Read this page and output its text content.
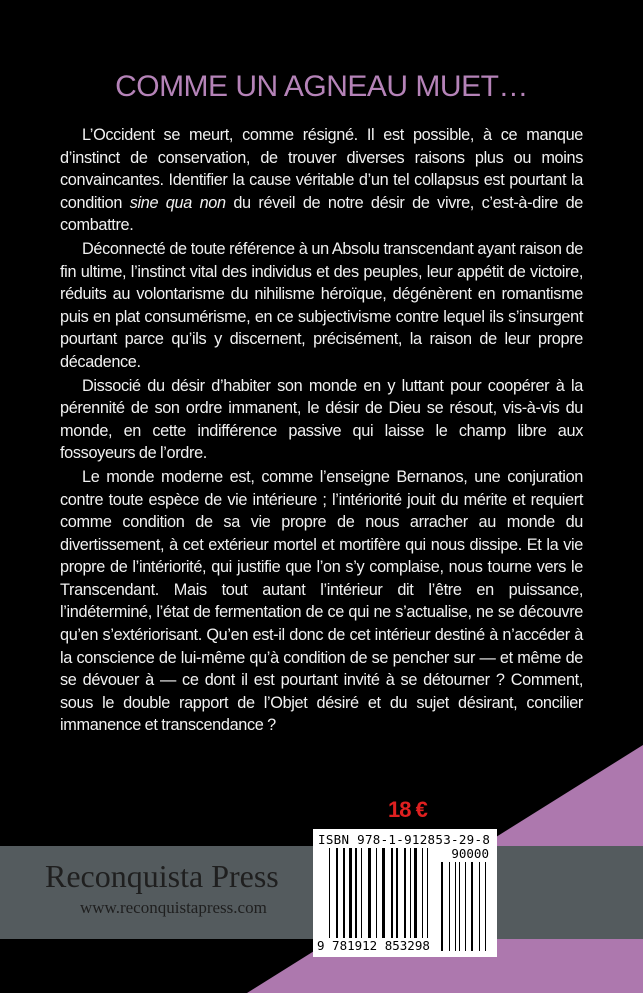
COMME UN AGNEAU MUET…

L’Occident se meurt, comme résigné. Il est possible, à ce manque d’instinct de conservation, de trouver diverses raisons plus ou moins convaincantes. Identifier la cause véritable d’un tel collapsus est pourtant la condition sine qua non du réveil de notre désir de vivre, c’est-à-dire de combattre.

Déconnecté de toute référence à un Absolu transcendant ayant raison de fin ultime, l’instinct vital des individus et des peuples, leur appétit de victoire, réduits au volontarisme du nihilisme héroïque, dégénèrent en romantisme puis en plat consumérisme, en ce subjectivisme contre lequel ils s’insurgent pourtant parce qu’ils y discernent, précisément, la raison de leur propre décadence.

Dissocié du désir d’habiter son monde en y luttant pour coopérer à la pérennité de son ordre immanent, le désir de Dieu se résout, vis-à-vis du monde, en cette indifférence passive qui laisse le champ libre aux fossoyeurs de l’ordre.

Le monde moderne est, comme l’enseigne Bernanos, une conjuration contre toute espèce de vie intérieure ; l’intériorité jouit du mérite et requiert comme condition de sa vie propre de nous arracher au monde du divertissement, à cet extérieur mortel et mortifère qui nous dissipe. Et la vie propre de l’intériorité, qui justifie que l’on s’y complaise, nous tourne vers le Transcendant. Mais tout autant l’intérieur dit l’être en puissance, l’indéterminé, l’état de fermentation de ce qui ne s’actualise, ne se découvre qu’en s’extériorisant. Qu’en est-il donc de cet intérieur destiné à n’accéder à la conscience de lui-même qu’à condition de se pencher sur — et même de se dévouer à — ce dont il est pourtant invité à se détourner ? Comment, sous le double rapport de l’Objet désiré et du sujet désirant, concilier immanence et transcendance ?

18 €
Reconquista Press
www.reconquistapress.com
ISBN 978-1-912853-29-8
90000
9 781912 853298
